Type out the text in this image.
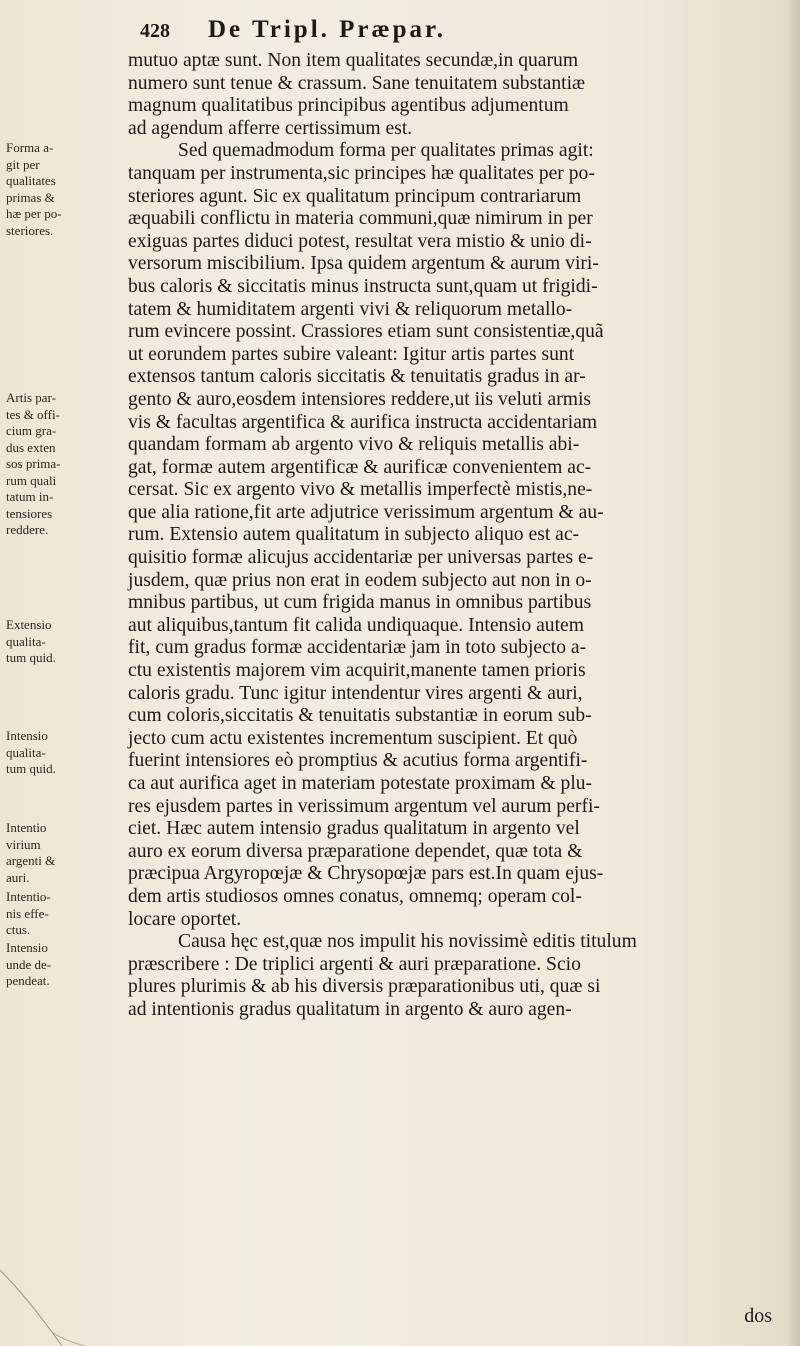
428 De Tripl. Præpar.
Forma a-
git per
qualitates
primas &
hæ per po-
steriores.
Artis par-
tes & offi-
cium gra-
dus exten
sos prima-
rum quali
tatum in-
tensiores
reddere.
Extensio
qualita-
tum quid.
Intensio
qualita-
tum quid.
Intentio
virium
argenti &
auri.
Intentio-
nis effe-
ctus.
Intensio
unde de-
pendeat.
mutuo aptæ sunt. Non item qualitates secundæ,in quarum
numero sunt tenue & crassum. Sane tenuitatem substantiæ
magnum qualitatibus principibus agentibus adjumentum
ad agendum afferre certissimum est.
Sed quemadmodum forma per qualitates primas agit:
tanquam per instrumenta,sic principes hæ qualitates per po-
steriores agunt. Sic ex qualitatum principum contrariarum
æquabili conflictu in materia communi,quæ nimirum in per
exiguas partes diduci potest, resultat vera mistio & unio di-
versorum miscibilium. Ipsa quidem argentum & aurum viri-
bus caloris & siccitatis minus instructa sunt,quam ut frigidi-
tatem & humiditatem argenti vivi & reliquorum metallo-
rum evincere possint. Crassiores etiam sunt consistentiæ,quã
ut eorundem partes subire valeant: Igitur artis partes sunt
extensos tantum caloris siccitatis & tenuitatis gradus in ar-
gento & auro,eosdem intensiores reddere,ut iis veluti armis
vis & facultas argentifica & aurifica instructa accidentariam
quandam formam ab argento vivo & reliquis metallis abi-
gat, formæ autem argentificæ & aurificæ convenientem ac-
cersat. Sic ex argento vivo & metallis imperfectè mistis,ne-
que alia ratione,fit arte adjutrice verissimum argentum & au-
rum. Extensio autem qualitatum in subjecto aliquo est ac-
quisitio formæ alicujus accidentariæ per universas partes e-
jusdem, quæ prius non erat in eodem subjecto aut non in o-
mnibus partibus, ut cum frigida manus in omnibus partibus
aut aliquibus,tantum fit calida undiquaque. Intensio autem
fit, cum gradus formæ accidentariæ jam in toto subjecto a-
ctu existentis majorem vim acquirit,manente tamen prioris
caloris gradu. Tunc igitur intendentur vires argenti & auri,
cum coloris,siccitatis & tenuitatis substantiæ in eorum sub-
jecto cum actu existentes incrementum suscipient. Et quò
fuerint intensiores eò promptius & acutius forma argentifi-
ca aut aurifica aget in materiam potestate proximam & plu-
res ejusdem partes in verissimum argentum vel aurum perfi-
ciet. Hæc autem intensio gradus qualitatum in argento vel
auro ex eorum diversa præparatione dependet, quæ tota &
præcipua Argyropœjæ & Chrysopœjæ pars est.In quam ejus-
dem artis studiosos omnes conatus, omnemq; operam col-
locare oportet.
Causa hęc est,quæ nos impulit his novissimè editis titulum
præscribere : De triplici argenti & auri præparatione. Scio
plures plurimis & ab his diversis præparationibus uti, quæ si
ad intentionis gradus qualitatum in argento & auro agen-
dos
